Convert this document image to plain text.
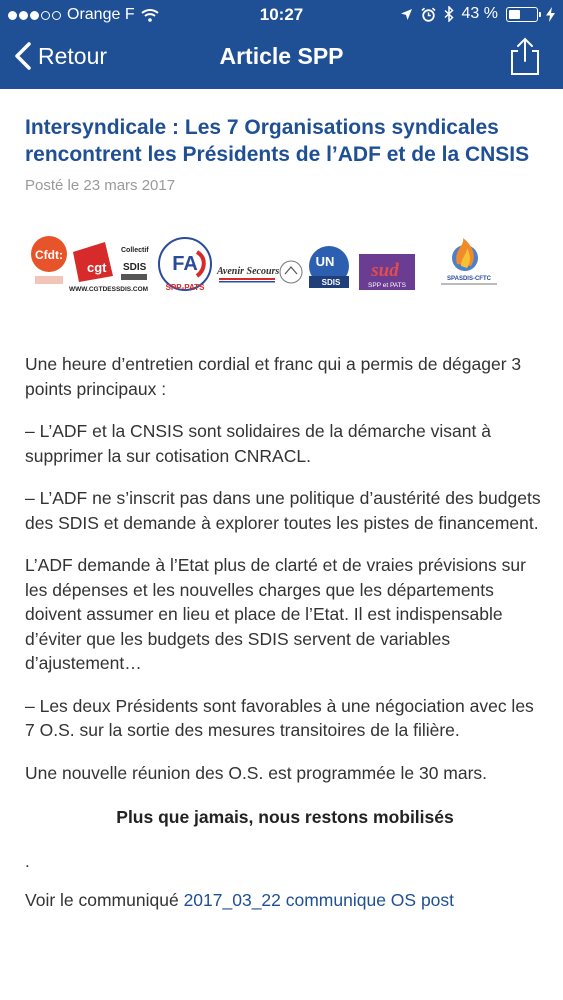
Orange F	10:27	43 %
Retour	Article SPP
Intersyndicale : Les 7 Organisations syndicales rencontrent les Présidents de l’ADF et de la CNSIS
Posté le 23 mars 2017
Cfdt:
cgt
WWW.CGTDESSDIS.COM
Collectif
SDIS FA
SPP-PATS
Avenir Secours
UN
SDIS
sud
SPP et PATS
SPASDIS-CFTC
Une heure d’entretien cordial et franc qui a permis de dégager 3 points principaux :
– L’ADF et la CNSIS sont solidaires de la démarche visant à supprimer la sur cotisation CNRACL.
– L’ADF ne s’inscrit pas dans une politique d’austérité des budgets des SDIS et demande à explorer toutes les pistes de financement.
L’ADF demande à l’Etat plus de clarté et de vraies prévisions sur les dépenses et les nouvelles charges que les départements doivent assumer en lieu et place de l’Etat. Il est indispensable d’éviter que les budgets des SDIS servent de variables d’ajustement…
– Les deux Présidents sont favorables à une négociation avec les 7 O.S. sur la sortie des mesures transitoires de la filière.
Une nouvelle réunion des O.S. est programmée le 30 mars.
Plus que jamais, nous restons mobilisés
.
Voir le communiqué 2017_03_22 communique OS post
